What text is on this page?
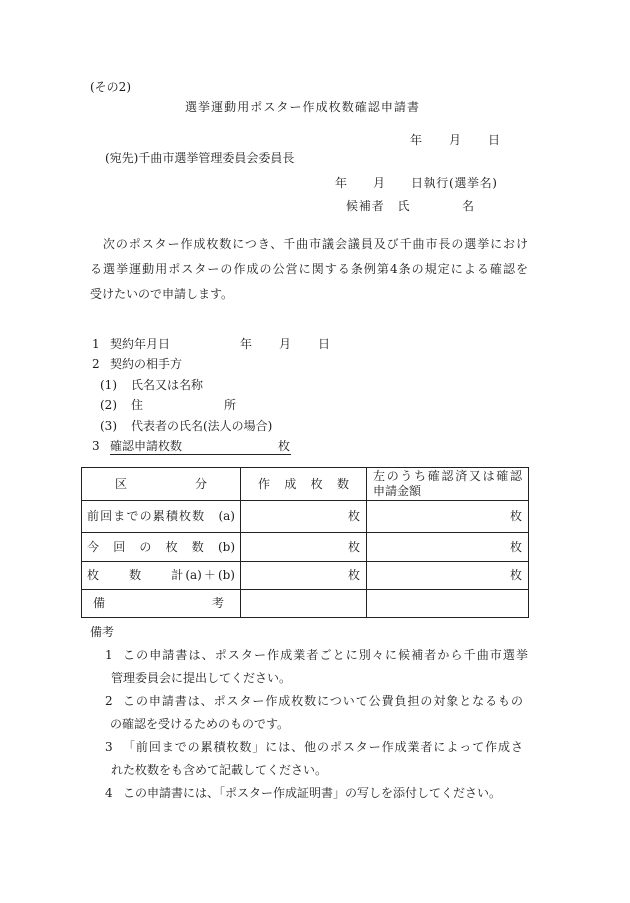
(その2)
選挙運動用ポスター作成枚数確認申請書
年　　月　　日
(宛先)千曲市選挙管理委員会委員長
年　　月　　日執行(選挙名)
候補者　氏　　　　名
　次のポスター作成枚数につき、千曲市議会議員及び千曲市長の選挙におけ
る選挙運動用ポスターの作成の公営に関する条例第4条の規定による確認を
受けたいので申請します。
1 契約年月日	年　　月　　日
2 契約の相手方
(1) 氏名又は名称
(2) 住　　　　所
(3) 代表者の氏名(法人の場合)
3 確認申請枚数	枚
区　　　　　分	作　成　枚　数	左のうち確認済又は確認
申請金額

前回までの累積枚数　(a)	枚	枚

今　回　の　枚　数　(b)	枚	枚

枚　　数　　計(a)＋(b)	枚	枚

備　　　　　　　考		

備考
1 この申請書は、ポスター作成業者ごとに別々に候補者から千曲市選挙
管理委員会に提出してください。
2 この申請書は、ポスター作成枚数について公費負担の対象となるもの
の確認を受けるためのものです。
3 「前回までの累積枚数」には、他のポスター作成業者によって作成さ
れた枚数をも含めて記載してください。
4 この申請書には、「ポスター作成証明書」の写しを添付してください。
